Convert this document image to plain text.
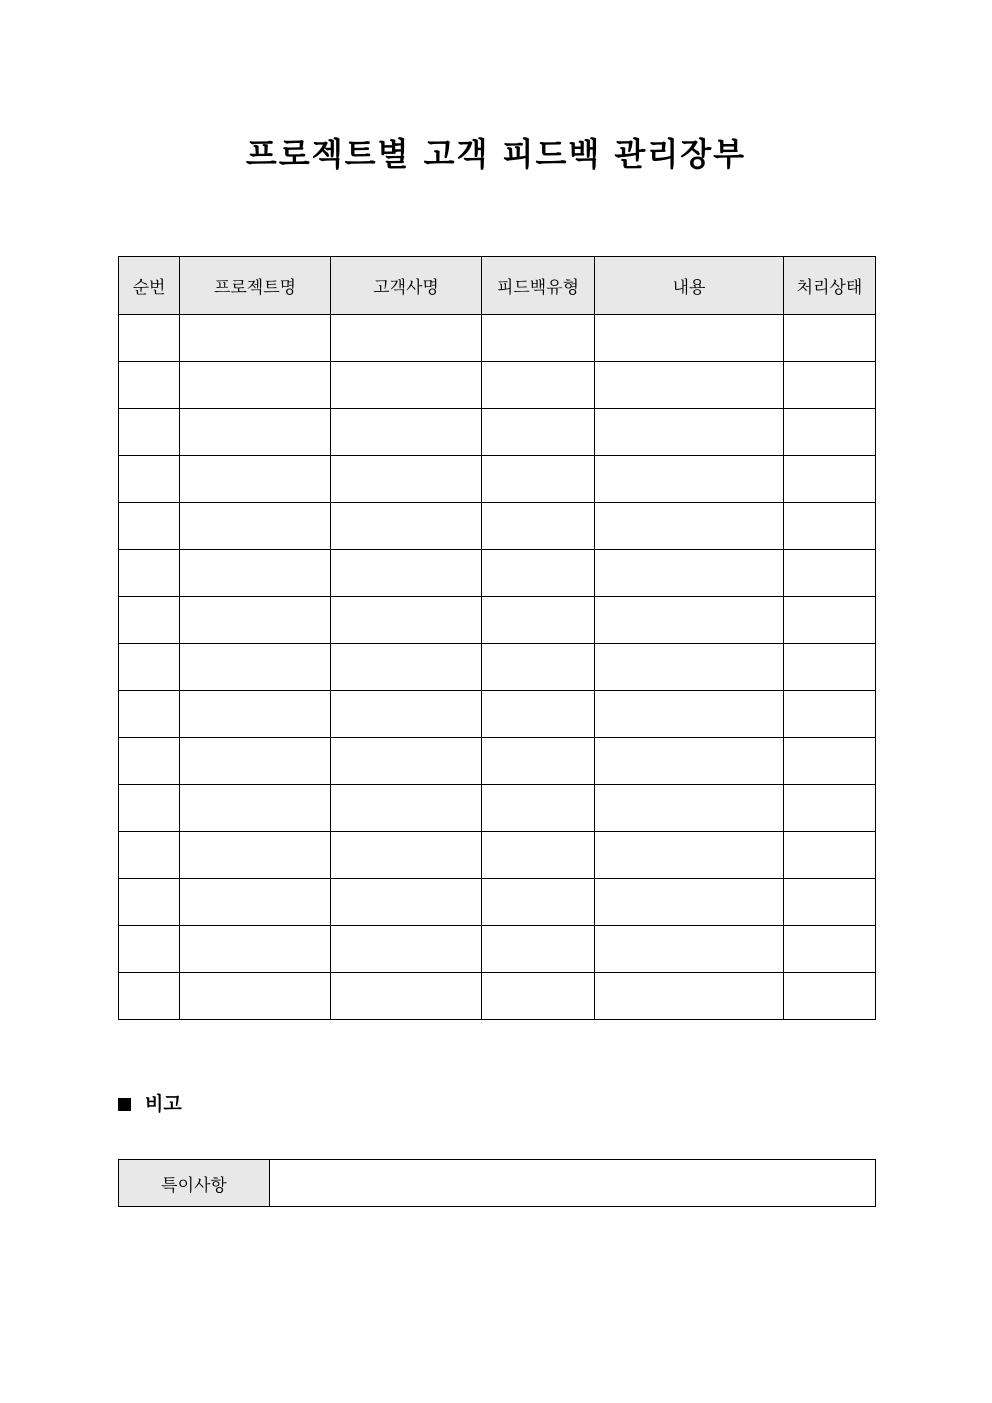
프로젝트별 고객 피드백 관리장부
순번	프로젝트명	고객사명	피드백유형	내용	처리상태

비고
특이사항	
